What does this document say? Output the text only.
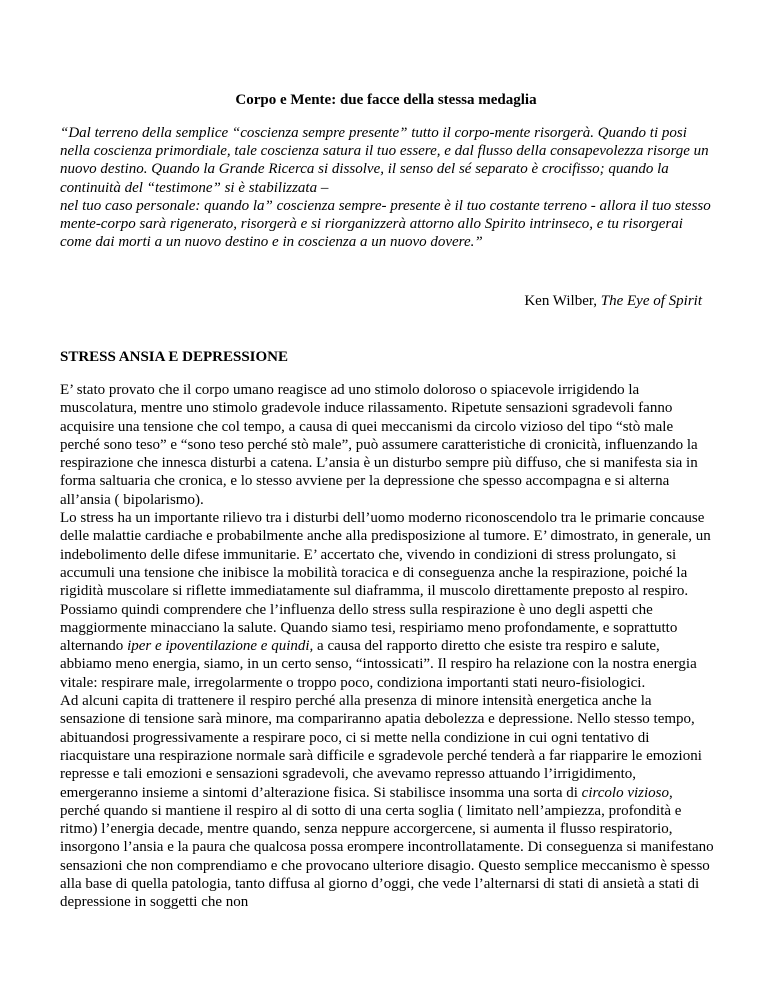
Corpo e Mente: due facce della stessa medaglia
“Dal terreno della semplice “coscienza sempre presente” tutto il corpo-mente risorgerà. Quando ti posi nella coscienza primordiale, tale coscienza satura il tuo essere, e dal flusso della consapevolezza risorge un nuovo destino. Quando la Grande Ricerca si dissolve, il senso del sé separato è crocifisso; quando la continuità del “testimone” si è stabilizzata –
nel tuo caso personale: quando la” coscienza sempre- presente è il tuo costante terreno - allora il tuo stesso mente-corpo sarà rigenerato, risorgerà e si riorganizzerà attorno allo Spirito intrinseco, e tu risorgerai come dai morti a un nuovo destino e in coscienza a un nuovo dovere.”
Ken Wilber, The Eye of Spirit
STRESS ANSIA E DEPRESSIONE

E’ stato provato che il corpo umano reagisce ad uno stimolo doloroso o spiacevole irrigidendo la muscolatura, mentre uno stimolo gradevole induce rilassamento. Ripetute sensazioni sgradevoli fanno acquisire una tensione che col tempo, a causa di quei meccanismi da circolo vizioso del tipo “stò male perché sono teso” e “sono teso perché stò male”, può assumere caratteristiche di cronicità, influenzando la respirazione che innesca disturbi a catena. L’ansia è un disturbo sempre più diffuso, che si manifesta sia in forma saltuaria che cronica, e lo stesso avviene per la depressione che spesso accompagna e si alterna all’ansia ( bipolarismo).

Lo stress ha un importante rilievo tra i disturbi dell’uomo moderno riconoscendolo tra le primarie concause delle malattie cardiache e probabilmente anche alla predisposizione al tumore. E’ dimostrato, in generale, un indebolimento delle difese immunitarie. E’ accertato che, vivendo in condizioni di stress prolungato, si accumuli una tensione che inibisce la mobilità toracica e di conseguenza anche la respirazione, poiché la rigidità muscolare si riflette immediatamente sul diaframma, il muscolo direttamente preposto al respiro. Possiamo quindi comprendere che l’influenza dello stress sulla respirazione è uno degli aspetti che maggiormente minacciano la salute. Quando siamo tesi, respiriamo meno profondamente, e soprattutto alternando iper e ipoventilazione e quindi, a causa del rapporto diretto che esiste tra respiro e salute, abbiamo meno energia, siamo, in un certo senso, “intossicati”. Il respiro ha relazione con la nostra energia vitale: respirare male, irregolarmente o troppo poco, condiziona importanti stati neuro-fisiologici.

Ad alcuni capita di trattenere il respiro perché alla presenza di minore intensità energetica anche la sensazione di tensione sarà minore, ma compariranno apatia debolezza e depressione. Nello stesso tempo, abituandosi progressivamente a respirare poco, ci si mette nella condizione in cui ogni tentativo di riacquistare una respirazione normale sarà difficile e sgradevole perché tenderà a far riapparire le emozioni represse e tali emozioni e sensazioni sgradevoli, che avevamo represso attuando l’irrigidimento, emergeranno insieme a sintomi d’alterazione fisica. Si stabilisce insomma una sorta di circolo vizioso, perché quando si mantiene il respiro al di sotto di una certa soglia ( limitato nell’ampiezza, profondità e ritmo) l’energia decade, mentre quando, senza neppure accorgercene, si aumenta il flusso respiratorio, insorgono l’ansia e la paura che qualcosa possa erompere incontrollatamente. Di conseguenza si manifestano sensazioni che non comprendiamo e che provocano ulteriore disagio. Questo semplice meccanismo è spesso alla base di quella patologia, tanto diffusa al giorno d’oggi, che vede l’alternarsi di stati di ansietà a stati di depressione in soggetti che non
